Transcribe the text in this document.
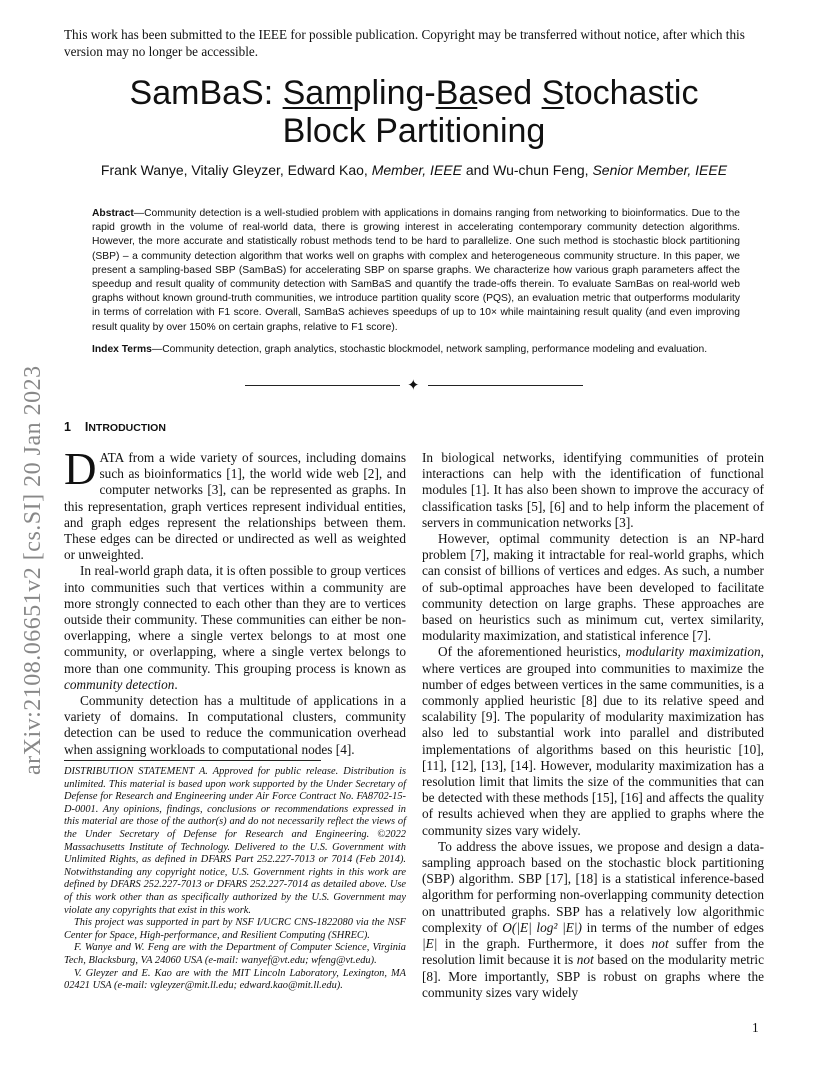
This work has been submitted to the IEEE for possible publication. Copyright may be transferred without notice, after which this version may no longer be accessible.
SamBaS: Sampling-Based Stochastic
Block Partitioning
Frank Wanye, Vitaliy Gleyzer, Edward Kao, Member, IEEE and Wu-chun Feng, Senior Member, IEEE
Abstract—Community detection is a well-studied problem with applications in domains ranging from networking to bioinformatics. Due to the rapid growth in the volume of real-world data, there is growing interest in accelerating contemporary community detection algorithms. However, the more accurate and statistically robust methods tend to be hard to parallelize. One such method is stochastic block partitioning (SBP) – a community detection algorithm that works well on graphs with complex and heterogeneous community structure. In this paper, we present a sampling-based SBP (SamBaS) for accelerating SBP on sparse graphs. We characterize how various graph parameters affect the speedup and result quality of community detection with SamBaS and quantify the trade-offs therein. To evaluate SamBas on real-world web graphs without known ground-truth communities, we introduce partition quality score (PQS), an evaluation metric that outperforms modularity in terms of correlation with F1 score. Overall, SamBaS achieves speedups of up to 10× while maintaining result quality (and even improving result quality by over 150% on certain graphs, relative to F1 score).
Index Terms—Community detection, graph analytics, stochastic blockmodel, network sampling, performance modeling and evaluation.
✦
arXiv:2108.06651v2 [cs.SI] 20 Jan 2023	1 INTRODUCTION

DATA from a wide variety of sources, including domains such as bioinformatics [1], the world wide web [2], and computer networks [3], can be represented as graphs. In this representation, graph vertices represent individual entities, and graph edges represent the relationships between them. These edges can be directed or undirected as well as weighted or unweighted.

In real-world graph data, it is often possible to group vertices into communities such that vertices within a community are more strongly connected to each other than they are to vertices outside their community. These communities can either be non-overlapping, where a single vertex belongs to at most one community, or overlapping, where a single vertex belongs to more than one community. This grouping process is known as community detection.

Community detection has a multitude of applications in a variety of domains. In computational clusters, community detection can be used to reduce the communication overhead when assigning workloads to computational nodes [4].

DISTRIBUTION STATEMENT A. Approved for public release. Distribution is unlimited. This material is based upon work supported by the Under Secretary of Defense for Research and Engineering under Air Force Contract No. FA8702-15-D-0001. Any opinions, findings, conclusions or recommendations expressed in this material are those of the author(s) and do not necessarily reflect the views of the Under Secretary of Defense for Research and Engineering. ©2022 Massachusetts Institute of Technology. Delivered to the U.S. Government with Unlimited Rights, as defined in DFARS Part 252.227-7013 or 7014 (Feb 2014). Notwithstanding any copyright notice, U.S. Government rights in this work are defined by DFARS 252.227-7013 or DFARS 252.227-7014 as detailed above. Use of this work other than as specifically authorized by the U.S. Government may violate any copyrights that exist in this work.

This project was supported in part by NSF I/UCRC CNS-1822080 via the NSF Center for Space, High-performance, and Resilient Computing (SHREC).

F. Wanye and W. Feng are with the Department of Computer Science, Virginia Tech, Blacksburg, VA 24060 USA (e-mail: wanyef@vt.edu; wfeng@vt.edu).

V. Gleyzer and E. Kao are with the MIT Lincoln Laboratory, Lexington, MA 02421 USA (e-mail: vgleyzer@mit.ll.edu; edward.kao@mit.ll.edu).

In biological networks, identifying communities of protein interactions can help with the identification of functional modules [1]. It has also been shown to improve the accuracy of classification tasks [5], [6] and to help inform the placement of servers in communication networks [3].

However, optimal community detection is an NP-hard problem [7], making it intractable for real-world graphs, which can consist of billions of vertices and edges. As such, a number of sub-optimal approaches have been developed to facilitate community detection on large graphs. These approaches are based on heuristics such as minimum cut, vertex similarity, modularity maximization, and statistical inference [7].

Of the aforementioned heuristics, modularity maximization, where vertices are grouped into communities to maximize the number of edges between vertices in the same communities, is a commonly applied heuristic [8] due to its relative speed and scalability [9]. The popularity of modularity maximization has also led to substantial work into parallel and distributed implementations of algorithms based on this heuristic [10], [11], [12], [13], [14]. However, modularity maximization has a resolution limit that limits the size of the communities that can be detected with these methods [15], [16] and affects the quality of results achieved when they are applied to graphs where the community sizes vary widely.

To address the above issues, we propose and design a data-sampling approach based on the stochastic block partitioning (SBP) algorithm. SBP [17], [18] is a statistical inference-based algorithm for performing non-overlapping community detection on unattributed graphs. SBP has a relatively low algorithmic complexity of O(|E| log² |E|) in terms of the number of edges |E| in the graph. Furthermore, it does not suffer from the resolution limit because it is not based on the modularity metric [8]. More importantly, SBP is robust on graphs where the community sizes vary widely

1
